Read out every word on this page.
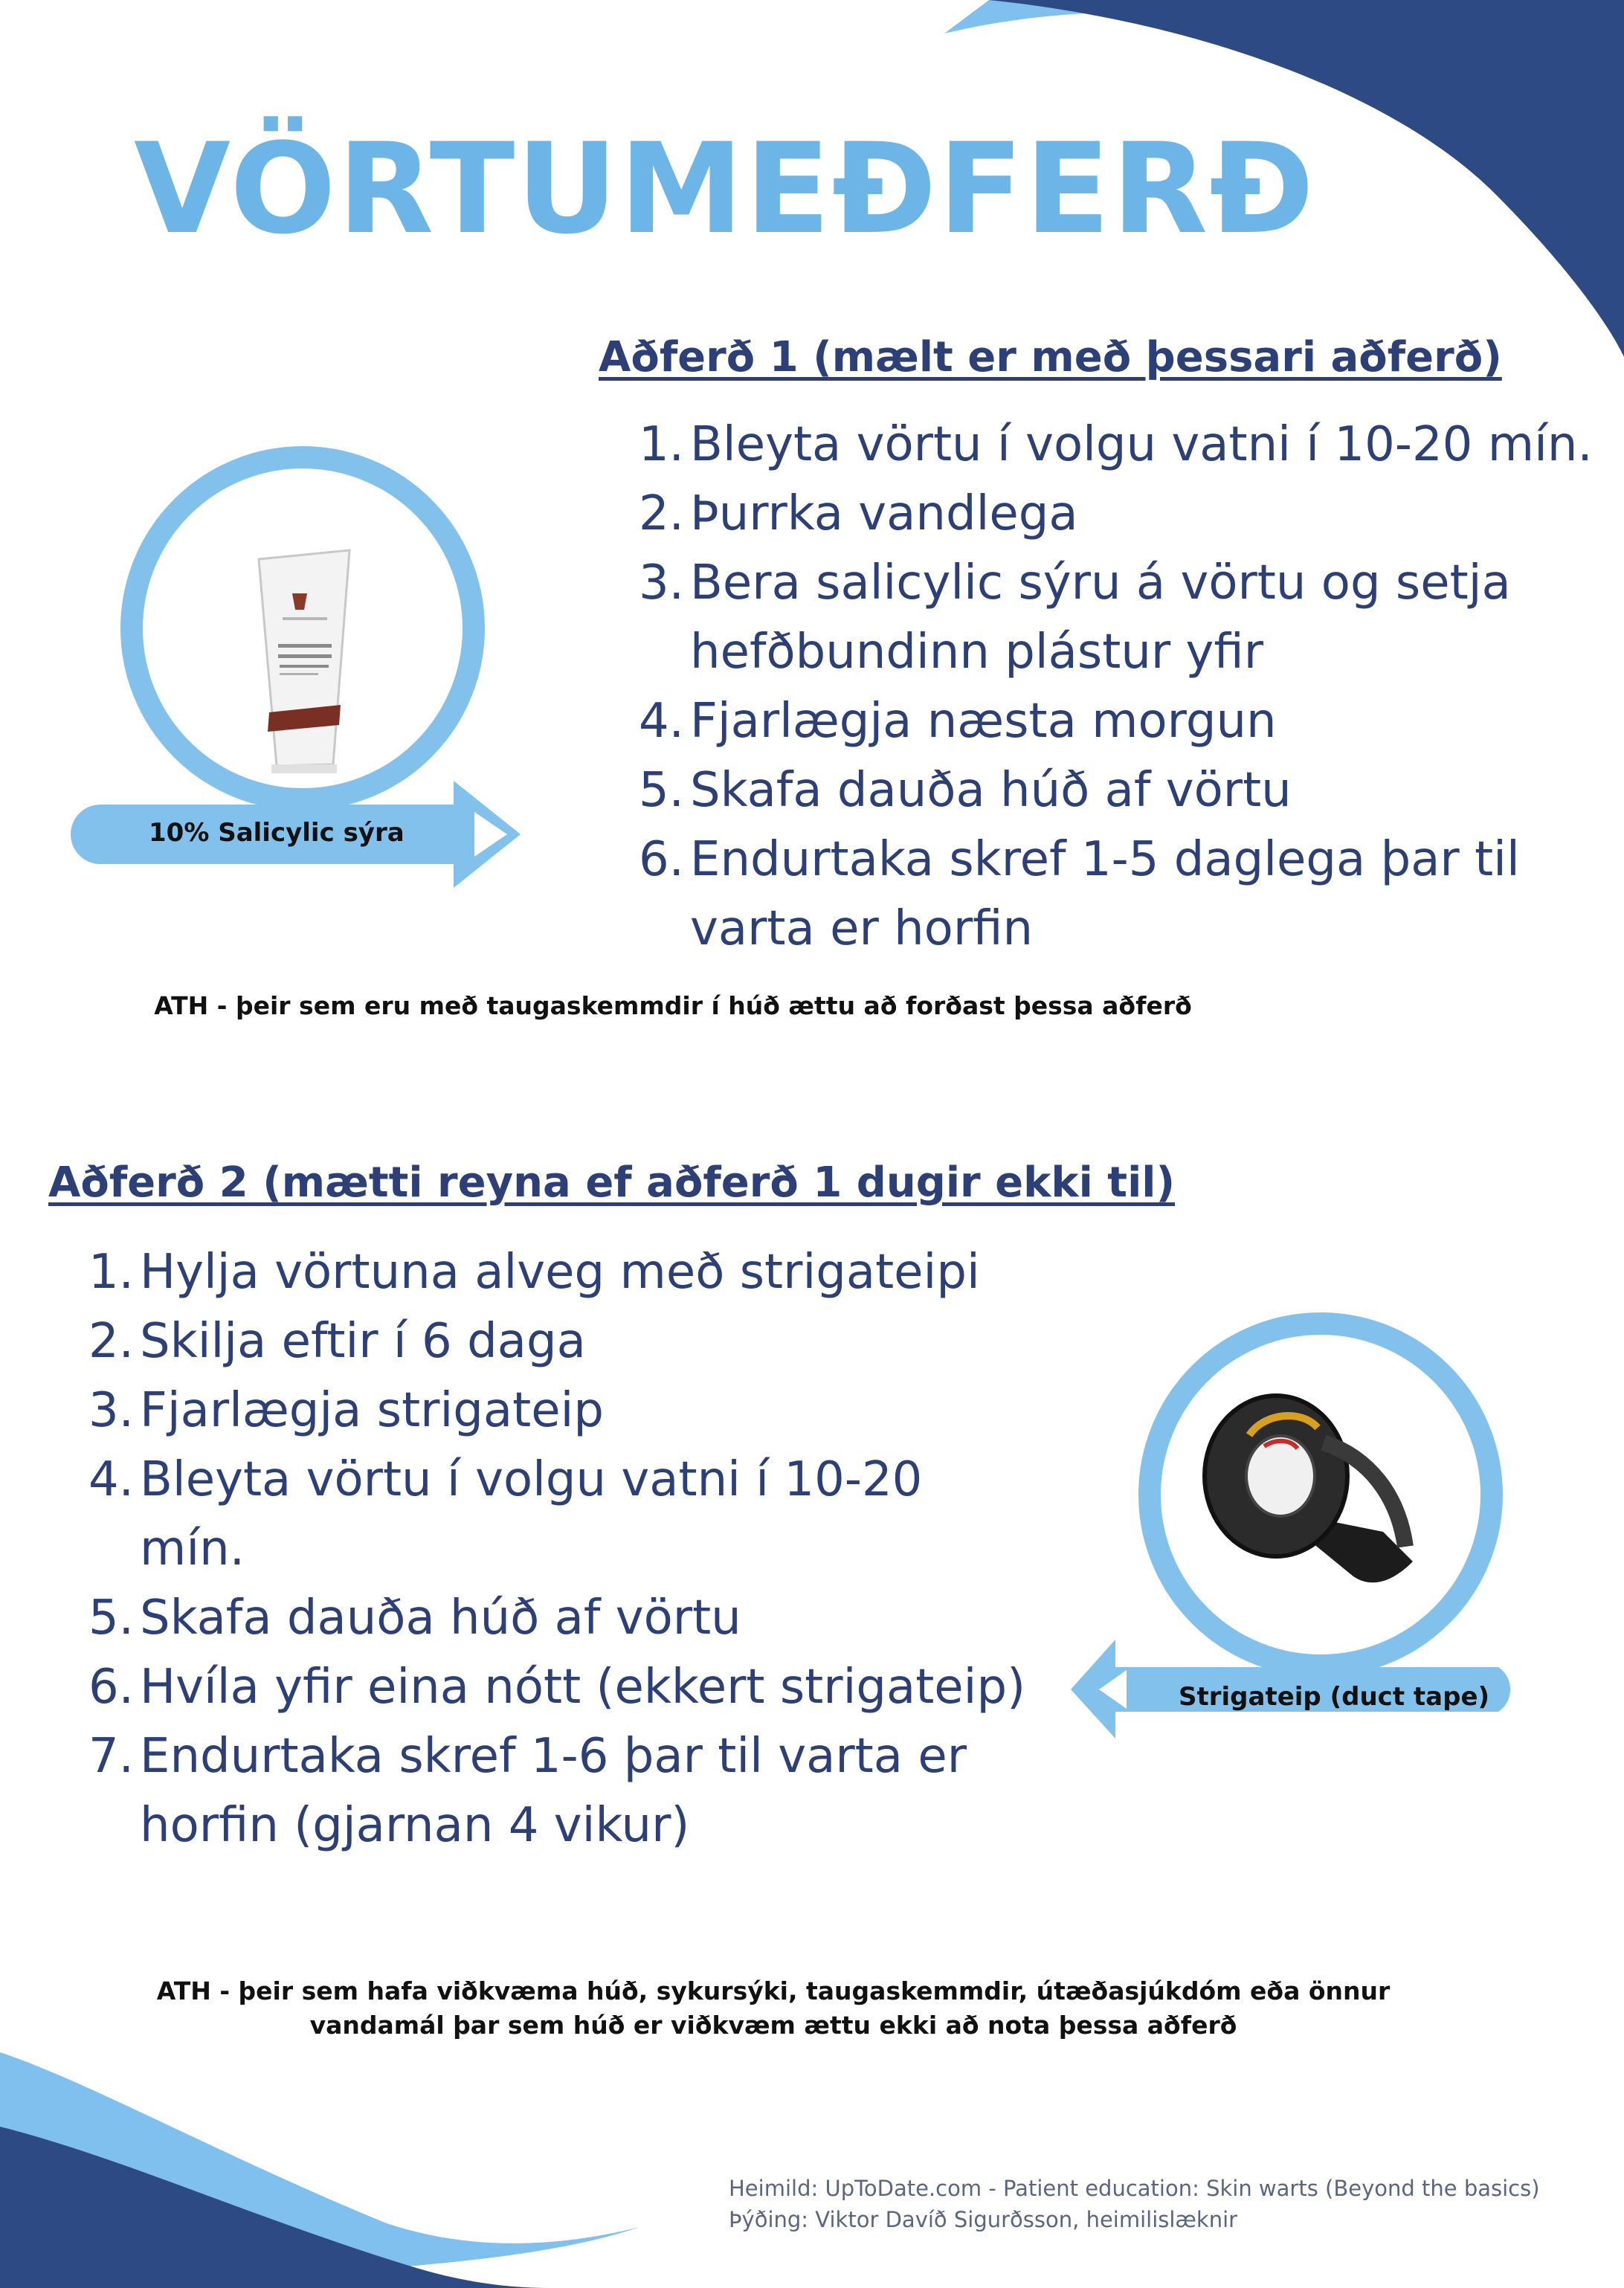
VÖRTUMEÐFERÐ
Aðferð 1 (mælt er með þessari aðferð)
1. Bleyta vörtu í volgu vatni í 10-20 mín.
2. Þurrka vandlega
3. Bera salicylic sýru á vörtu og setja hefðbundinn plástur yfir
4. Fjarlægja næsta morgun
5. Skafa dauða húð af vörtu
6. Endurtaka skref 1-5 daglega þar til varta er horfin
10% Salicylic sýra

ATH - þeir sem eru með taugaskemmdir í húð ættu að forðast þessa aðferð

Aðferð 2 (mætti reyna ef aðferð 1 dugir ekki til)
1. Hylja vörtuna alveg með strigateipi
2. Skilja eftir í 6 daga
3. Fjarlægja strigateip
4. Bleyta vörtu í volgu vatni í 10-20 mín.
5. Skafa dauða húð af vörtu
6. Hvíla yfir eina nótt (ekkert strigateip)
7. Endurtaka skref 1-6 þar til varta er horfin (gjarnan 4 vikur)
Strigateip (duct tape)

ATH - þeir sem hafa viðkvæma húð, sykursýki, taugaskemmdir, útæðasjúkdóm eða önnur vandamál þar sem húð er viðkvæm ættu ekki að nota þessa aðferð

Heimild: UpToDate.com - Patient education: Skin warts (Beyond the basics)

Þýðing: Viktor Davíð Sigurðsson, heimilislæknir
